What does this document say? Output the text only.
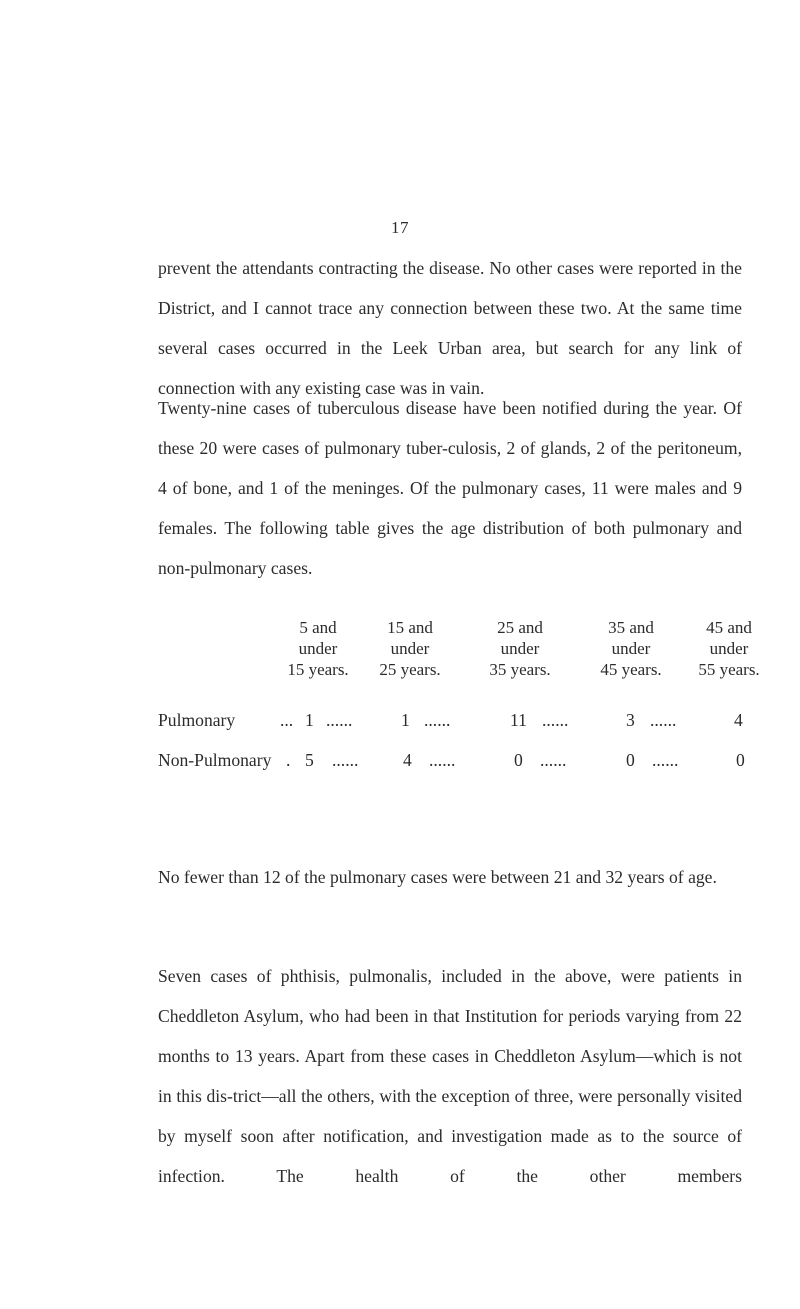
17

prevent the attendants contracting the disease. No other cases were reported in the District, and I cannot trace any connection between these two. At the same time several cases occurred in the Leek Urban area, but search for any link of connection with any existing case was in vain.

Twenty-nine cases of tuberculous disease have been notified during the year. Of these 20 were cases of pulmonary tuber-culosis, 2 of glands, 2 of the peritoneum, 4 of bone, and 1 of the meninges. Of the pulmonary cases, 11 were males and 9 females. The following table gives the age distribution of both pulmonary and non-pulmonary cases.

5 and
under
15 years.
15 and
under
25 years.
25 and
under
35 years.
35 and
under
45 years.
45 and
under
55 years.
Pulmonary	... 1 ......	1 ......	11 ......	3 ......	4
Non-Pulmonary . 5 ......	4 ......	0 ......	0 ......	0

No fewer than 12 of the pulmonary cases were between 21 and 32 years of age.

Seven cases of phthisis, pulmonalis, included in the above, were patients in Cheddleton Asylum, who had been in that Institution for periods varying from 22 months to 13 years. Apart from these cases in Cheddleton Asylum—which is not in this dis-trict—all the others, with the exception of three, were personally visited by myself soon after notification, and investigation made as to the source of infection. The health of the other members
